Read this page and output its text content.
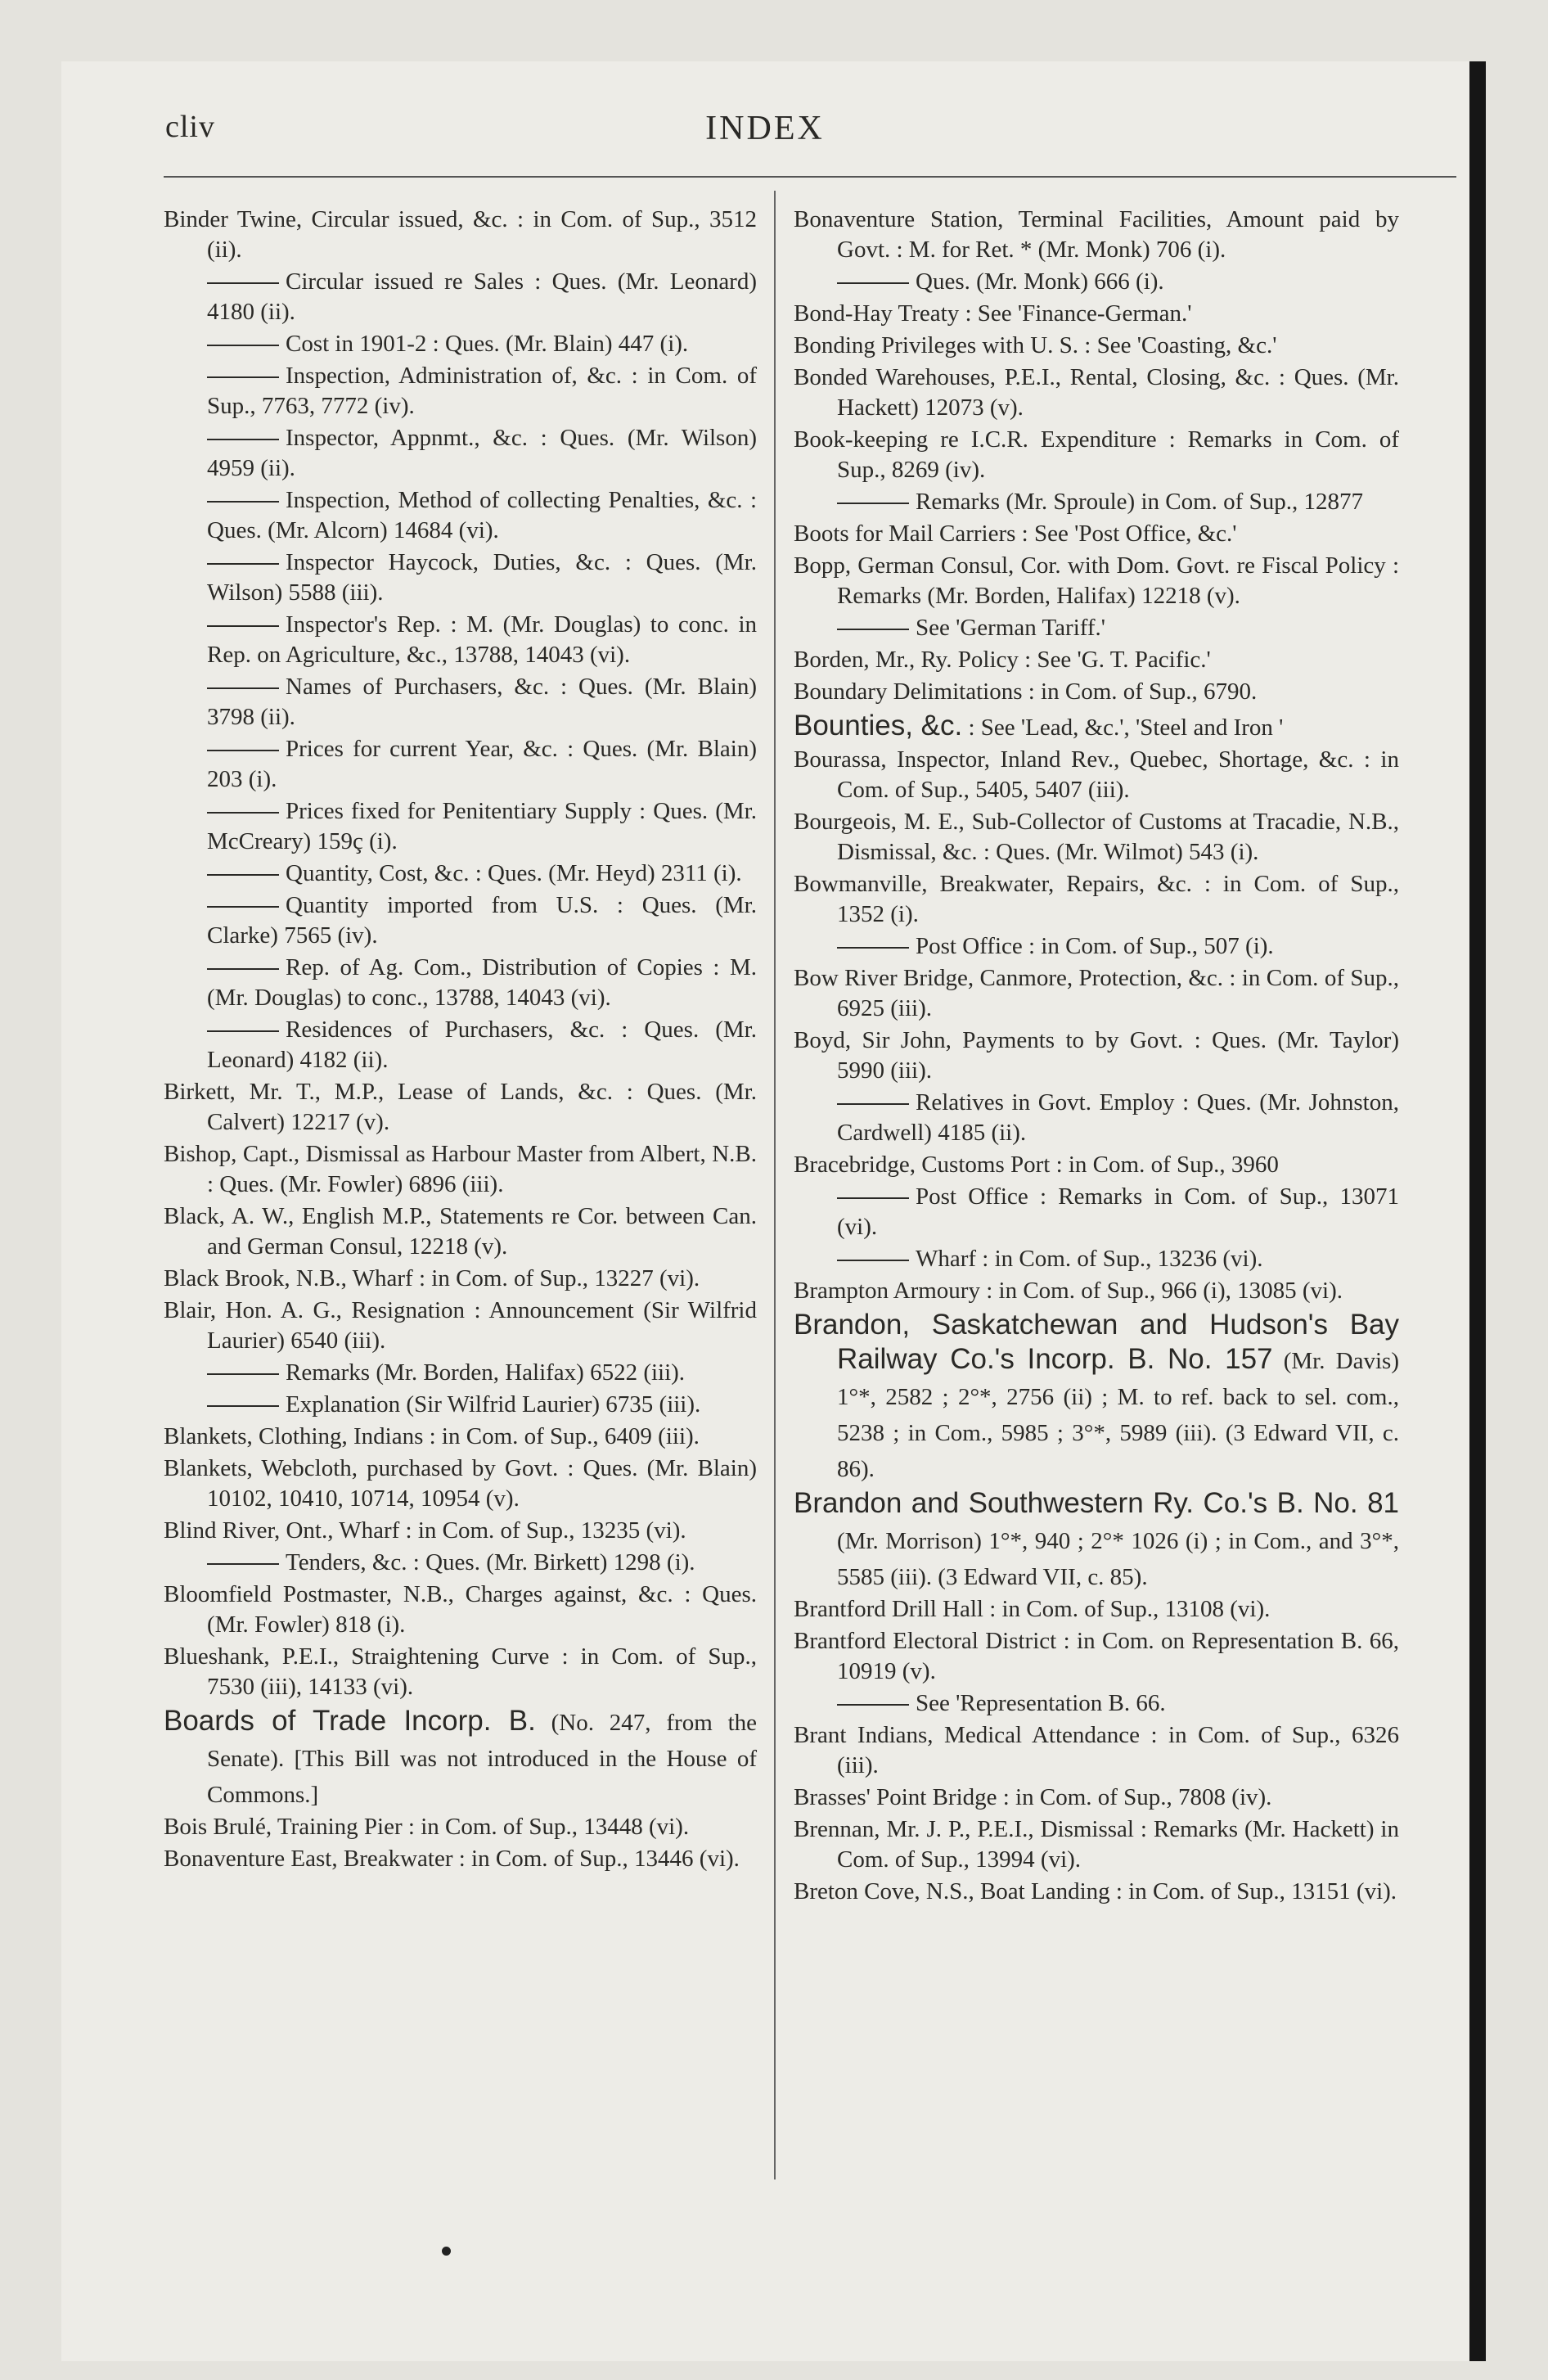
cliv	INDEX
Binder Twine, Circular issued, &c. : in Com. of Sup., 3512 (ii).
Circular issued re Sales : Ques. (Mr. Leonard) 4180 (ii).
Cost in 1901-2 : Ques. (Mr. Blain) 447 (i).
Inspection, Administration of, &c. : in Com. of Sup., 7763, 7772 (iv).
Inspector, Appnmt., &c. : Ques. (Mr. Wilson) 4959 (ii).
Inspection, Method of collecting Penalties, &c. : Ques. (Mr. Alcorn) 14684 (vi).
Inspector Haycock, Duties, &c. : Ques. (Mr. Wilson) 5588 (iii).
Inspector's Rep. : M. (Mr. Douglas) to conc. in Rep. on Agriculture, &c., 13788, 14043 (vi).
Names of Purchasers, &c. : Ques. (Mr. Blain) 3798 (ii).
Prices for current Year, &c. : Ques. (Mr. Blain) 203 (i).
Prices fixed for Penitentiary Supply : Ques. (Mr. McCreary) 159ç (i).
Quantity, Cost, &c. : Ques. (Mr. Heyd) 2311 (i).
Quantity imported from U.S. : Ques. (Mr. Clarke) 7565 (iv).
Rep. of Ag. Com., Distribution of Copies : M. (Mr. Douglas) to conc., 13788, 14043 (vi).
Residences of Purchasers, &c. : Ques. (Mr. Leonard) 4182 (ii).
Birkett, Mr. T., M.P., Lease of Lands, &c. : Ques. (Mr. Calvert) 12217 (v).
Bishop, Capt., Dismissal as Harbour Master from Albert, N.B. : Ques. (Mr. Fowler) 6896 (iii).
Black, A. W., English M.P., Statements re Cor. between Can. and German Consul, 12218 (v).
Black Brook, N.B., Wharf : in Com. of Sup., 13227 (vi).
Blair, Hon. A. G., Resignation : Announcement (Sir Wilfrid Laurier) 6540 (iii).
Remarks (Mr. Borden, Halifax) 6522 (iii).
Explanation (Sir Wilfrid Laurier) 6735 (iii).
Blankets, Clothing, Indians : in Com. of Sup., 6409 (iii).
Blankets, Webcloth, purchased by Govt. : Ques. (Mr. Blain) 10102, 10410, 10714, 10954 (v).
Blind River, Ont., Wharf : in Com. of Sup., 13235 (vi).
Tenders, &c. : Ques. (Mr. Birkett) 1298 (i).
Bloomfield Postmaster, N.B., Charges against, &c. : Ques. (Mr. Fowler) 818 (i).
Blueshank, P.E.I., Straightening Curve : in Com. of Sup., 7530 (iii), 14133 (vi).
Boards of Trade Incorp. B. (No. 247, from the Senate). [This Bill was not introduced in the House of Commons.]
Bois Brulé, Training Pier : in Com. of Sup., 13448 (vi).
Bonaventure East, Breakwater : in Com. of Sup., 13446 (vi).
Bonaventure Station, Terminal Facilities, Amount paid by Govt. : M. for Ret. * (Mr. Monk) 706 (i).
Ques. (Mr. Monk) 666 (i).
Bond-Hay Treaty : See 'Finance-German.'
Bonding Privileges with U. S. : See 'Coasting, &c.'
Bonded Warehouses, P.E.I., Rental, Closing, &c. : Ques. (Mr. Hackett) 12073 (v).
Book-keeping re I.C.R. Expenditure : Remarks in Com. of Sup., 8269 (iv).
Remarks (Mr. Sproule) in Com. of Sup., 12877
Boots for Mail Carriers : See 'Post Office, &c.'
Bopp, German Consul, Cor. with Dom. Govt. re Fiscal Policy : Remarks (Mr. Borden, Halifax) 12218 (v).
See 'German Tariff.'
Borden, Mr., Ry. Policy : See 'G. T. Pacific.'
Boundary Delimitations : in Com. of Sup., 6790.
Bounties, &c. : See 'Lead, &c.', 'Steel and Iron '
Bourassa, Inspector, Inland Rev., Quebec, Shortage, &c. : in Com. of Sup., 5405, 5407 (iii).
Bourgeois, M. E., Sub-Collector of Customs at Tracadie, N.B., Dismissal, &c. : Ques. (Mr. Wilmot) 543 (i).
Bowmanville, Breakwater, Repairs, &c. : in Com. of Sup., 1352 (i).
Post Office : in Com. of Sup., 507 (i).
Bow River Bridge, Canmore, Protection, &c. : in Com. of Sup., 6925 (iii).
Boyd, Sir John, Payments to by Govt. : Ques. (Mr. Taylor) 5990 (iii).
Relatives in Govt. Employ : Ques. (Mr. Johnston, Cardwell) 4185 (ii).
Bracebridge, Customs Port : in Com. of Sup., 3960
Post Office : Remarks in Com. of Sup., 13071 (vi).
Wharf : in Com. of Sup., 13236 (vi).
Brampton Armoury : in Com. of Sup., 966 (i), 13085 (vi).
Brandon, Saskatchewan and Hudson's Bay Railway Co.'s Incorp. B. No. 157 (Mr. Davis) 1°*, 2582 ; 2°*, 2756 (ii) ; M. to ref. back to sel. com., 5238 ; in Com., 5985 ; 3°*, 5989 (iii). (3 Edward VII, c. 86).
Brandon and Southwestern Ry. Co.'s B. No. 81 (Mr. Morrison) 1°*, 940 ; 2°* 1026 (i) ; in Com., and 3°*, 5585 (iii). (3 Edward VII, c. 85).
Brantford Drill Hall : in Com. of Sup., 13108 (vi).
Brantford Electoral District : in Com. on Representation B. 66, 10919 (v).
See 'Representation B. 66.
Brant Indians, Medical Attendance : in Com. of Sup., 6326 (iii).
Brasses' Point Bridge : in Com. of Sup., 7808 (iv).
Brennan, Mr. J. P., P.E.I., Dismissal : Remarks (Mr. Hackett) in Com. of Sup., 13994 (vi).
Breton Cove, N.S., Boat Landing : in Com. of Sup., 13151 (vi).
